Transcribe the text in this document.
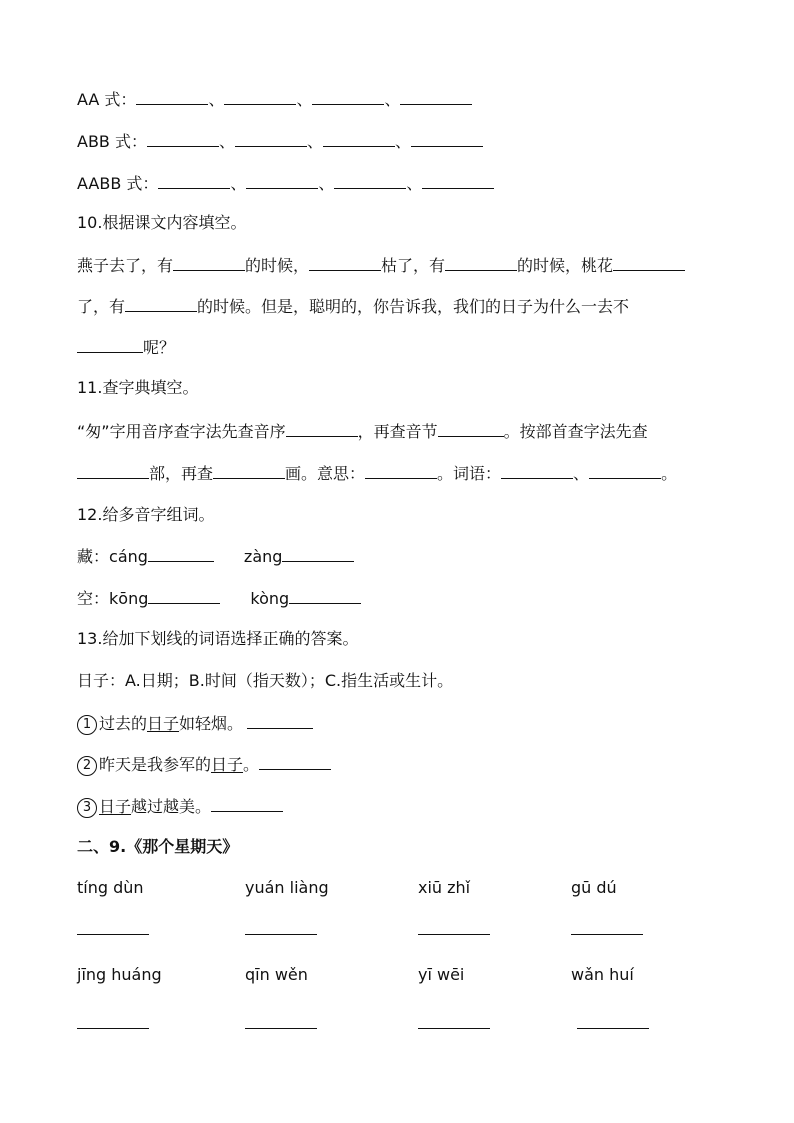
AA 式：	、	、	、
ABB 式：	、	、	、
AABB 式：	、	、	、
10.根据课文内容填空。
燕子去了，有	的时候，	枯了，有	的时候，桃花
了，有	的时候。但是，聪明的，你告诉我，我们的日子为什么一去不
呢？
11.查字典填空。
“匆”字用音序查字法先查音序	，再查音节	。按部首查字法先查
部，再查	画。意思：	。词语：	、	。
12.给多音字组词。
藏：cáng	zàng
空：kōng	kòng
13.给加下划线的词语选择正确的答案。
日子：A.日期；B.时间（指天数）；C.指生活或生计。
1 过去的日子如轻烟。
2 昨天是我参军的日子。
3 日子越过越美。
二、9.《那个星期天》
tíng dùn	yuán liàng	xiū zhǐ	gū dú
jīng huáng	qīn wěn	yī wēi	wǎn huí
